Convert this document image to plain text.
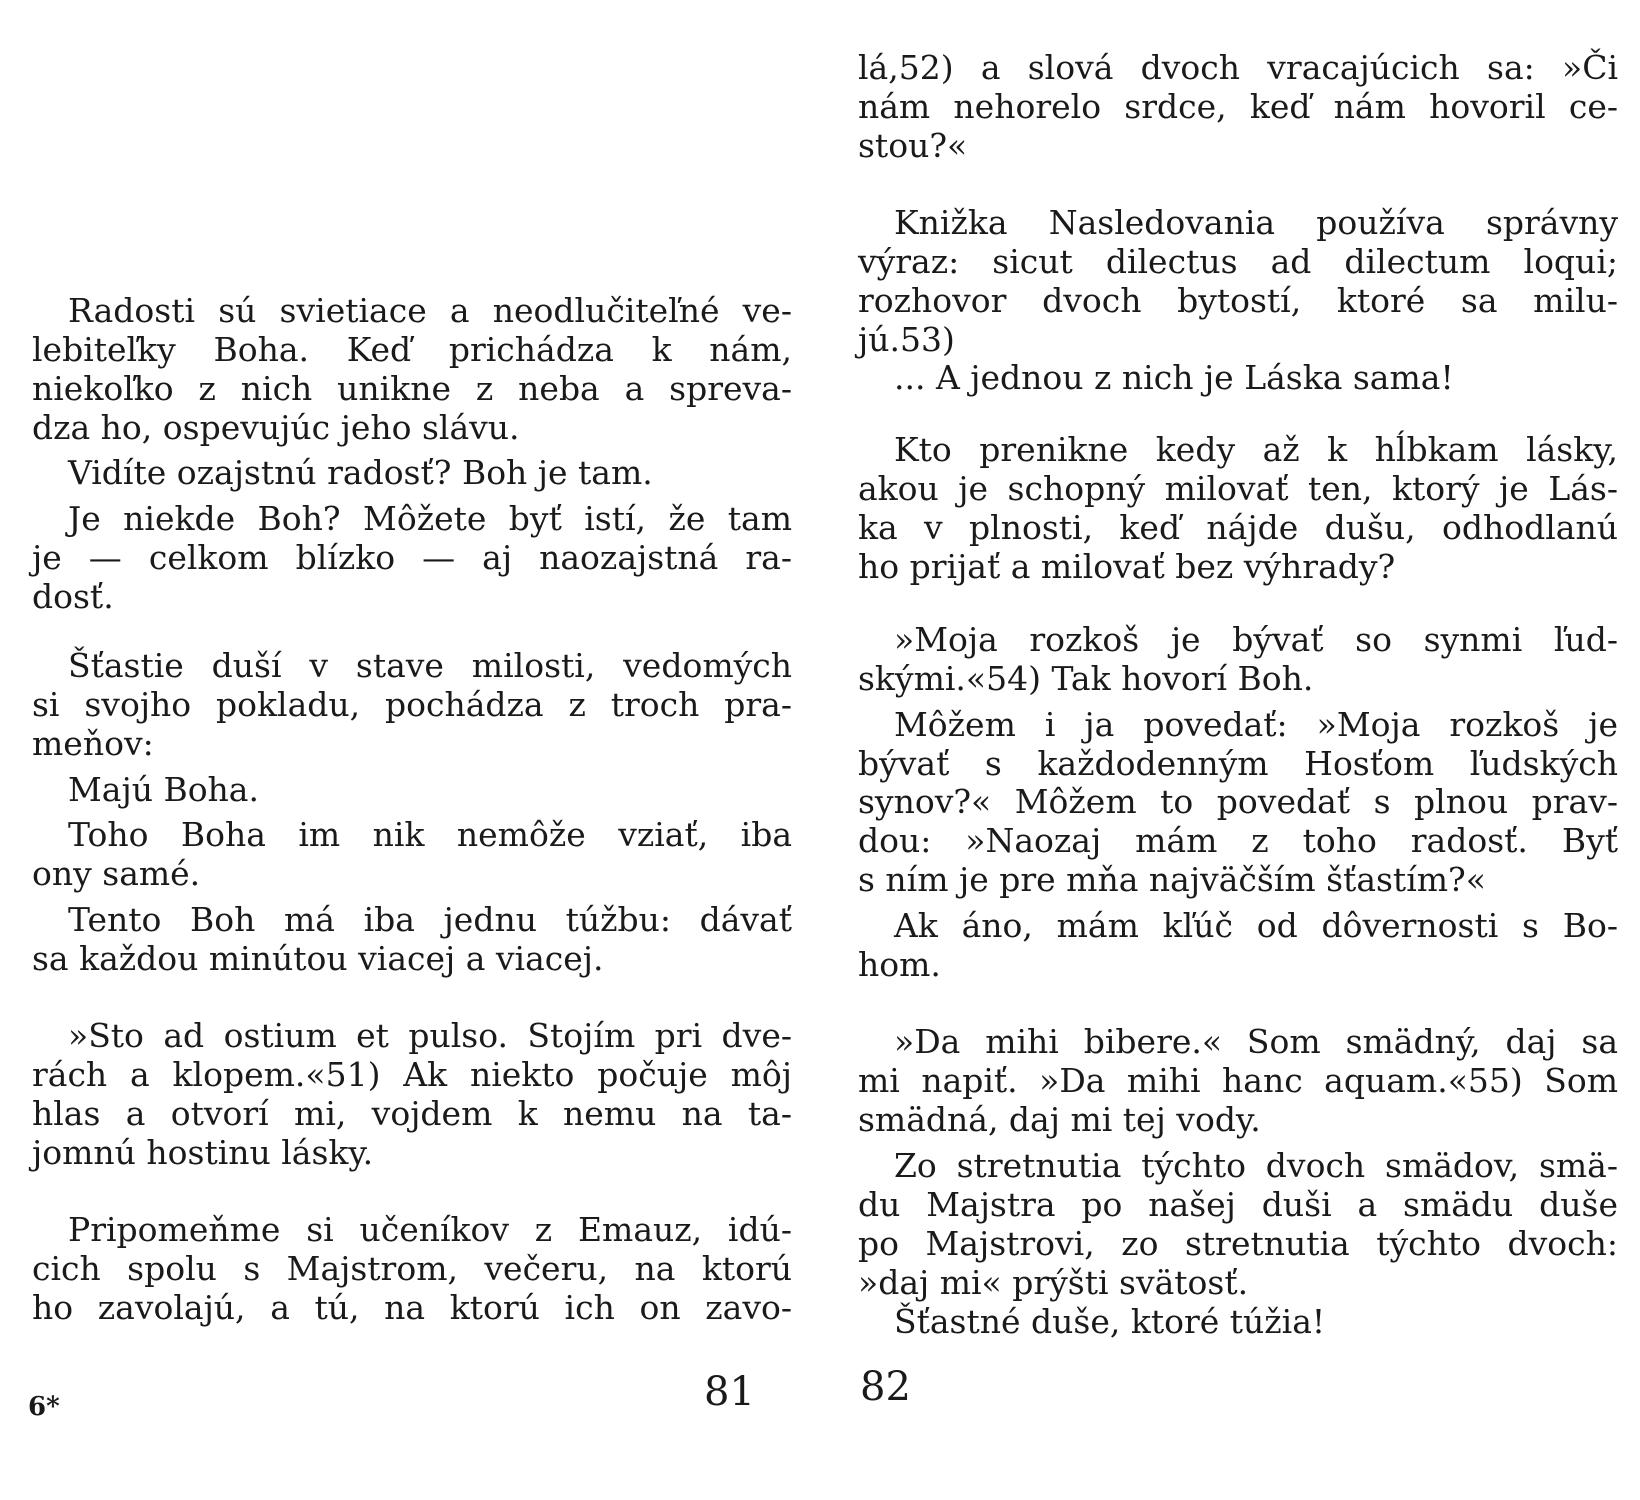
Radosti sú svietiace a neodlučiteľné ve-

lebiteľky Boha. Keď prichádza k nám,

niekoľko z nich unikne z neba a spreva-

dza ho, ospevujúc jeho slávu.

Vidíte ozajstnú radosť? Boh je tam.

Je niekde Boh? Môžete byť istí, že tam

je — celkom blízko — aj naozajstná ra-

dosť.

Šťastie duší v stave milosti, vedomých

si svojho pokladu, pochádza z troch pra-

meňov:

Majú Boha.

Toho Boha im nik nemôže vziať, iba

ony samé.

Tento Boh má iba jednu túžbu: dávať

sa každou minútou viacej a viacej.

»Sto ad ostium et pulso. Stojím pri dve-

rách a klopem.«51) Ak niekto počuje môj

hlas a otvorí mi, vojdem k nemu na ta-

jomnú hostinu lásky.

Pripomeňme si učeníkov z Emauz, idú-

cich spolu s Majstrom, večeru, na ktorú

ho zavolajú, a tú, na ktorú ich on zavo-

6*	81

lá,52) a slová dvoch vracajúcich sa: »Či

nám nehorelo srdce, keď nám hovoril ce-

stou?«

Knižka Nasledovania používa správny

výraz: sicut dilectus ad dilectum loqui;

rozhovor dvoch bytostí, ktoré sa milu-

jú.53)

... A jednou z nich je Láska sama!

Kto prenikne kedy až k hĺbkam lásky,

akou je schopný milovať ten, ktorý je Lás-

ka v plnosti, keď nájde dušu, odhodlanú

ho prijať a milovať bez výhrady?

»Moja rozkoš je bývať so synmi ľud-

skými.«54) Tak hovorí Boh.

Môžem i ja povedať: »Moja rozkoš je

bývať s každodenným Hosťom ľudských

synov?« Môžem to povedať s plnou prav-

dou: »Naozaj mám z toho radosť. Byť

s ním je pre mňa najväčším šťastím?«

Ak áno, mám kľúč od dôvernosti s Bo-

hom.

»Da mihi bibere.« Som smädný, daj sa

mi napiť. »Da mihi hanc aquam.«55) Som

smädná, daj mi tej vody.

Zo stretnutia týchto dvoch smädov, smä-

du Majstra po našej duši a smädu duše

po Majstrovi, zo stretnutia týchto dvoch:

»daj mi« prýšti svätosť.

Šťastné duše, ktoré túžia!

82
